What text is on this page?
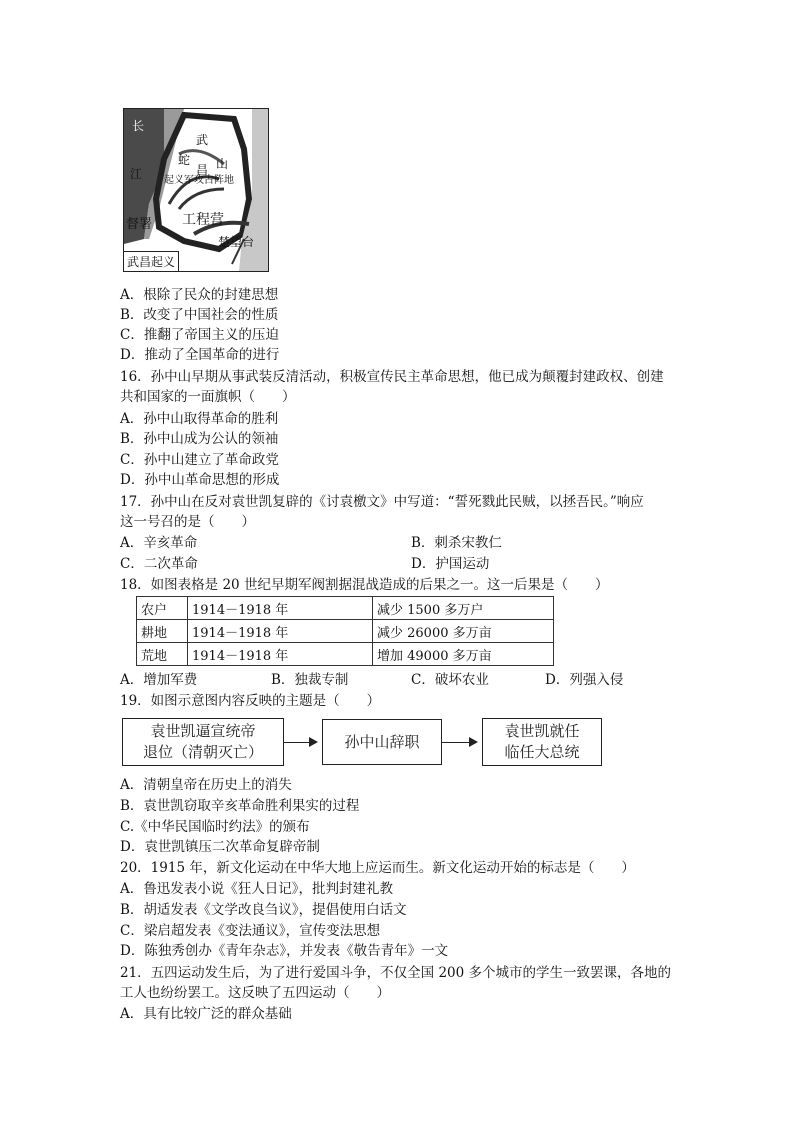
长
江
武
蛇 山
昌
起义军攻占阵地
督署 工程营
楚望台
武昌起义
A．根除了民众的封建思想
B．改变了中国社会的性质
C．推翻了帝国主义的压迫
D．推动了全国革命的进行
16．孙中山早期从事武装反清活动，积极宣传民主革命思想，他已成为颠覆封建政权、创建
共和国家的一面旗帜（　　）
A．孙中山取得革命的胜利
B．孙中山成为公认的领袖
C．孙中山建立了革命政党
D．孙中山革命思想的形成
17．孙中山在反对袁世凯复辟的《讨袁檄文》中写道：“誓死戮此民贼，以拯吾民。”响应
这一号召的是（　　）
A．辛亥革命	B．刺杀宋教仁
C．二次革命	D．护国运动
18．如图表格是 20 世纪早期军阀割据混战造成的后果之一。这一后果是（　　）
农户	1914－1918 年	减少 1500 多万户
耕地	1914－1918 年	减少 26000 多万亩
荒地	1914－1918 年	增加 49000 多万亩
A．增加军费	B．独裁专制	C．破坏农业	D．列强入侵
19．如图示意图内容反映的主题是（　　）
袁世凯逼宣统帝
退位（清朝灭亡）
孙中山辞职
袁世凯就任
临任大总统
A．清朝皇帝在历史上的消失
B．袁世凯窃取辛亥革命胜利果实的过程
C.《中华民国临时约法》的颁布
D．袁世凯镇压二次革命复辟帝制
20．1915 年，新文化运动在中华大地上应运而生。新文化运动开始的标志是（　　）
A．鲁迅发表小说《狂人日记》，批判封建礼教
B．胡适发表《文学改良刍议》，提倡使用白话文
C．梁启超发表《变法通议》，宣传变法思想
D．陈独秀创办《青年杂志》，并发表《敬告青年》一文
21．五四运动发生后，为了进行爱国斗争，不仅全国 200 多个城市的学生一致罢课，各地的
工人也纷纷罢工。这反映了五四运动（　　）
A．具有比较广泛的群众基础
